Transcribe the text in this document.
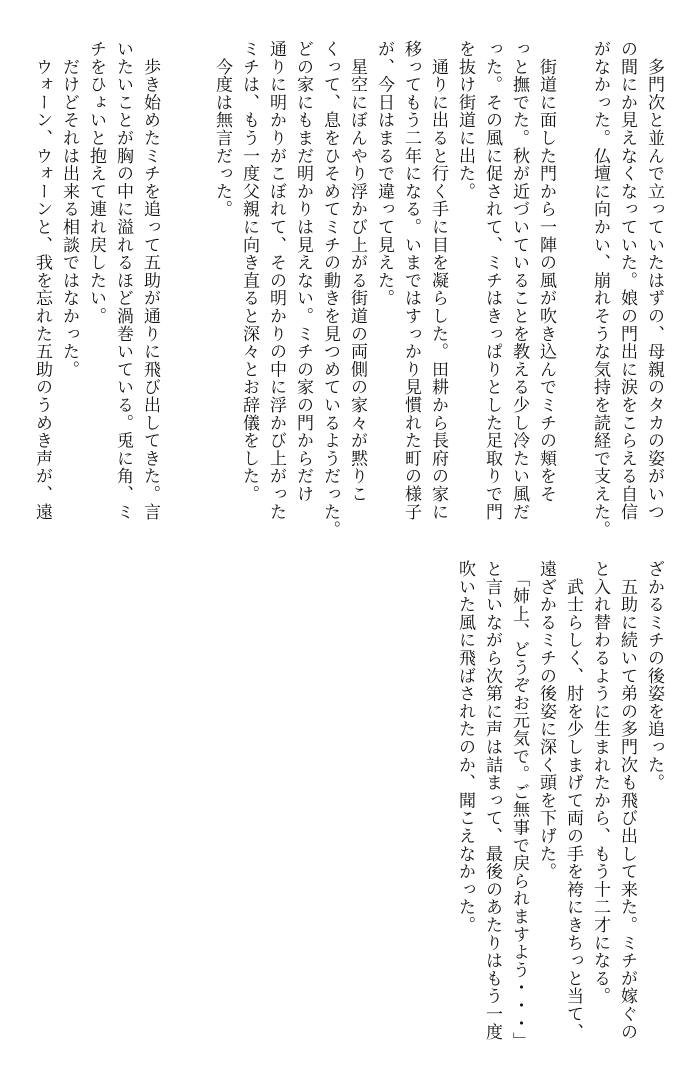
　多門次と並んで立っていたはずの、母親のタカの姿がいつ
の間にか見えなくなっていた。娘の門出に涙をこらえる自信
がなかった。仏壇に向かい、崩れそうな気持を読経で支えた。
　街道に面した門から一陣の風が吹き込んでミチの頬をそ
っと撫でた。秋が近づいていることを教える少し冷たい風だ
った。その風に促されて、ミチはきっぱりとした足取りで門
を抜け街道に出た。
　通りに出ると行く手に目を凝らした。田耕から長府の家に
移ってもう二年になる。いまではすっかり見慣れた町の様子
が、今日はまるで違って見えた。
　星空にぼんやり浮かび上がる街道の両側の家々が黙りこ
くって、息をひそめてミチの動きを見つめているようだった。
どの家にもまだ明かりは見えない。ミチの家の門からだけ
通りに明かりがこぼれて、その明かりの中に浮かび上がった
ミチは、もう一度父親に向き直ると深々とお辞儀をした。
　今度は無言だった。
　歩き始めたミチを追って五助が通りに飛び出してきた。言
いたいことが胸の中に溢れるほど渦巻いている。兎に角、ミ
チをひょいと抱えて連れ戻したい。
　だけどそれは出来る相談ではなかった。
　ウォーン、ウォーンと、我を忘れた五助のうめき声が、遠
ざかるミチの後姿を追った。
　五助に続いて弟の多門次も飛び出して来た。ミチが嫁ぐの
と入れ替わるように生まれたから、もう十二才になる。
　武士らしく、肘を少しまげて両の手を袴にきちっと当て、
遠ざかるミチの後姿に深く頭を下げた。
　「姉上、どうぞお元気で。ご無事で戻られますよう・・・」
と言いながら次第に声は詰まって、最後のあたりはもう一度
吹いた風に飛ばされたのか、聞こえなかった。
